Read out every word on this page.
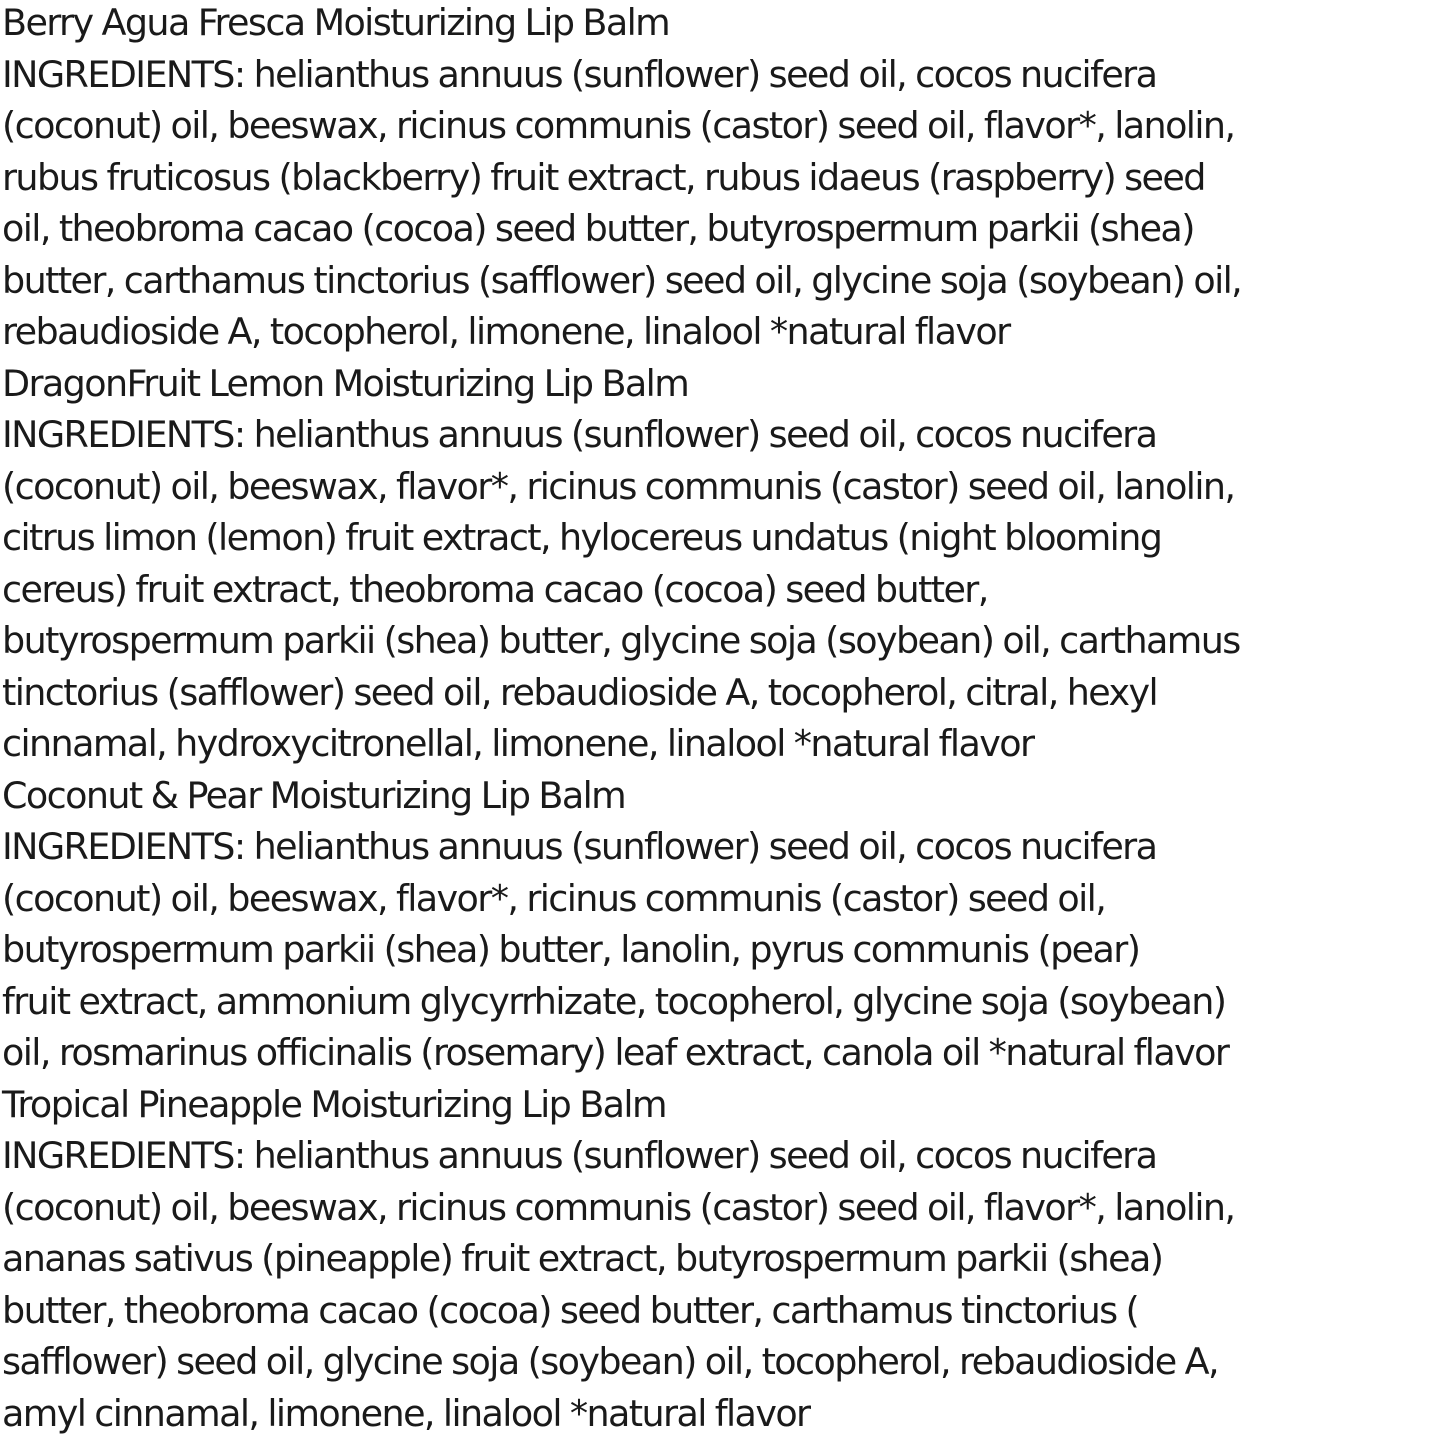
Berry Agua Fresca Moisturizing Lip Balm
INGREDIENTS: helianthus annuus (sunflower) seed oil, cocos nucifera
(coconut) oil, beeswax, ricinus communis (castor) seed oil, flavor*, lanolin,
rubus fruticosus (blackberry) fruit extract, rubus idaeus (raspberry) seed
oil, theobroma cacao (cocoa) seed butter, butyrospermum parkii (shea)
butter, carthamus tinctorius (safflower) seed oil, glycine soja (soybean) oil,
rebaudioside A, tocopherol, limonene, linalool *natural flavor
DragonFruit Lemon Moisturizing Lip Balm
INGREDIENTS: helianthus annuus (sunflower) seed oil, cocos nucifera
(coconut) oil, beeswax, flavor*, ricinus communis (castor) seed oil, lanolin,
citrus limon (lemon) fruit extract, hylocereus undatus (night blooming
cereus) fruit extract, theobroma cacao (cocoa) seed butter,
butyrospermum parkii (shea) butter, glycine soja (soybean) oil, carthamus
tinctorius (safflower) seed oil, rebaudioside A, tocopherol, citral, hexyl
cinnamal, hydroxycitronellal, limonene, linalool *natural flavor
Coconut & Pear Moisturizing Lip Balm
INGREDIENTS: helianthus annuus (sunflower) seed oil, cocos nucifera
(coconut) oil, beeswax, flavor*, ricinus communis (castor) seed oil,
butyrospermum parkii (shea) butter, lanolin, pyrus communis (pear)
fruit extract, ammonium glycyrrhizate, tocopherol, glycine soja (soybean)
oil, rosmarinus officinalis (rosemary) leaf extract, canola oil *natural flavor
Tropical Pineapple Moisturizing Lip Balm
INGREDIENTS: helianthus annuus (sunflower) seed oil, cocos nucifera
(coconut) oil, beeswax, ricinus communis (castor) seed oil, flavor*, lanolin,
ananas sativus (pineapple) fruit extract, butyrospermum parkii (shea)
butter, theobroma cacao (cocoa) seed butter, carthamus tinctorius (
safflower) seed oil, glycine soja (soybean) oil, tocopherol, rebaudioside A,
amyl cinnamal, limonene, linalool *natural flavor
